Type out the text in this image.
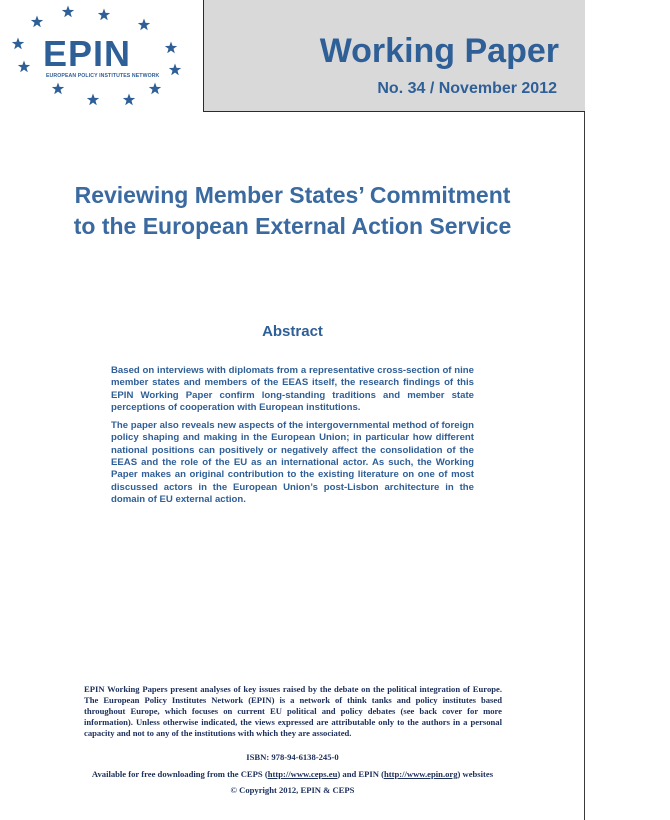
EPIN
EUROPEAN POLICY INSTITUTES NETWORK
Working Paper
No. 34 / November 2012
Reviewing Member States’ Commitment
to the European External Action Service
Abstract

Based on interviews with diplomats from a representative cross-section of nine member states and members of the EEAS itself, the research findings of this EPIN Working Paper confirm long-standing traditions and member state perceptions of cooperation with European institutions.

The paper also reveals new aspects of the intergovernmental method of foreign policy shaping and making in the European Union; in particular how different national positions can positively or negatively affect the consolidation of the EEAS and the role of the EU as an international actor. As such, the Working Paper makes an original contribution to the existing literature on one of most discussed actors in the European Union’s post-Lisbon architecture in the domain of EU external action.

EPIN Working Papers present analyses of key issues raised by the debate on the political integration of Europe. The European Policy Institutes Network (EPIN) is a network of think tanks and policy institutes based throughout Europe, which focuses on current EU political and policy debates (see back cover for more information). Unless otherwise indicated, the views expressed are attributable only to the authors in a personal capacity and not to any of the institutions with which they are associated.
ISBN: 978-94-6138-245-0
Available for free downloading from the CEPS (http://www.ceps.eu) and EPIN (http://www.epin.org) websites
© Copyright 2012, EPIN & CEPS
